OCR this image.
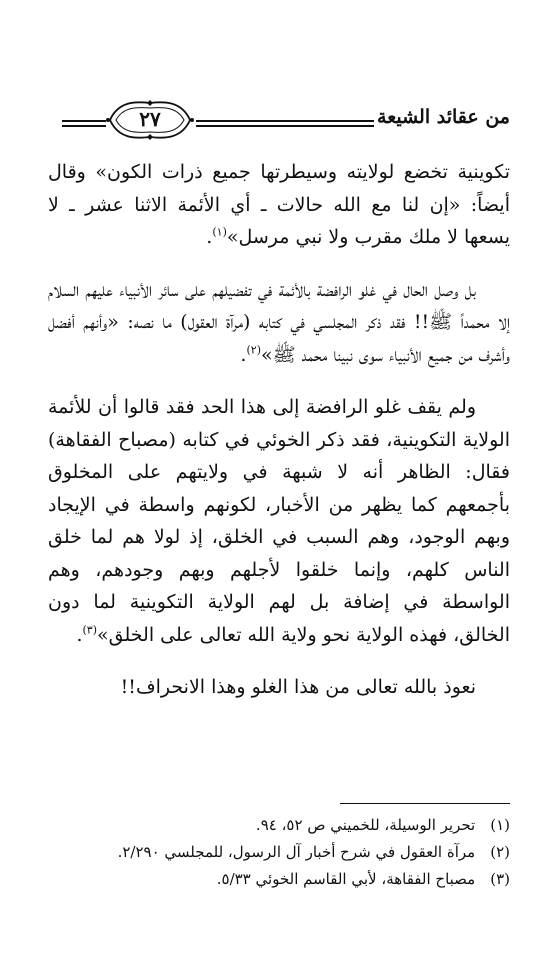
٢٧	من عقائد الشيعة

تكوينية تخضع لولايته وسيطرتها جميع ذرات الكون» وقال أيضاً: «إن لنا مع الله حالات ـ أي الأئمة الاثنا عشر ـ لا يسعها لا ملك مقرب ولا نبي مرسل»$^{(١)}$.

بل وصل الحال في غلو الرافضة بالأئمة في تفضيلهم على سائر الأنبياء عليهم السلام إلا محمداً ﷺ!! فقد ذكر المجلسي في كتابه (مرآة العقول) ما نصه: «وأنهم أفضل وأشرف من جميع الأنبياء سوى نبينا محمد ﷺ»$^{(٢)}$.

ولم يقف غلو الرافضة إلى هذا الحد فقد قالوا أن للأئمة الولاية التكوينية، فقد ذكر الخوئي في كتابه (مصباح الفقاهة) فقال: الظاهر أنه لا شبهة في ولايتهم على المخلوق بأجمعهم كما يظهر من الأخبار، لكونهم واسطة في الإيجاد وبهم الوجود، وهم السبب في الخلق، إذ لولا هم لما خلق الناس كلهم، وإنما خلقوا لأجلهم وبهم وجودهم، وهم الواسطة في إضافة بل لهم الولاية التكوينية لما دون الخالق، فهذه الولاية نحو ولاية الله تعالى على الخلق»$^{(٣)}$.

نعوذ بالله تعالى من هذا الغلو وهذا الانحراف!!

(١) تحرير الوسيلة، للخميني ص ٥٢، ٩٤.
(٢) مرآة العقول في شرح أخبار آل الرسول، للمجلسي ٢/٢٩٠.
(٣) مصباح الفقاهة، لأبي القاسم الخوئي ٥/٣٣.
